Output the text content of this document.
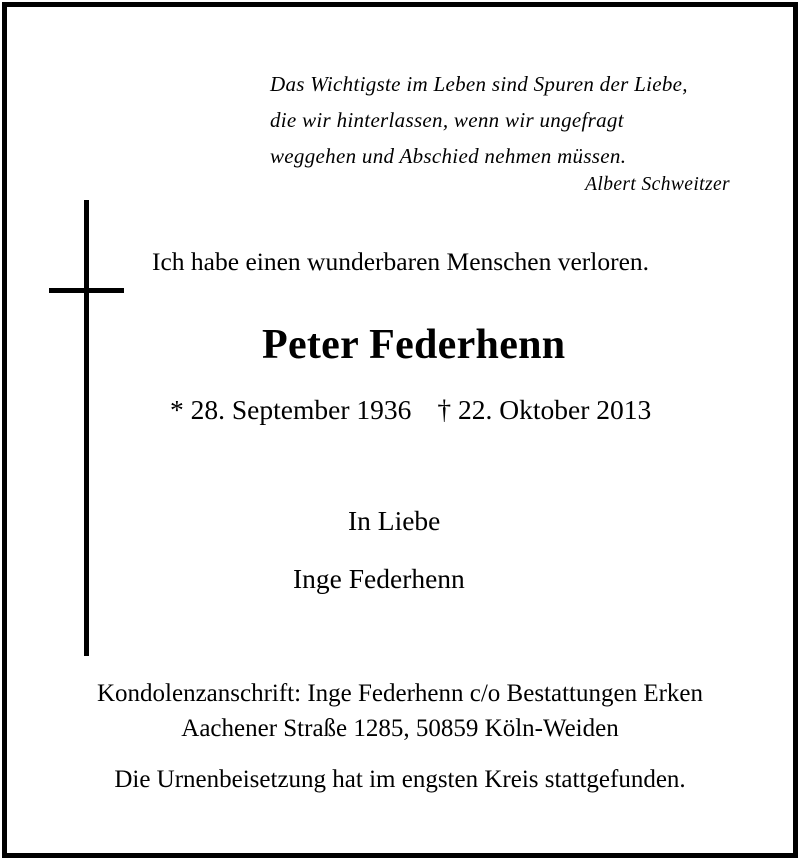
Das Wichtigste im Leben sind Spuren der Liebe,
die wir hinterlassen, wenn wir ungefragt
weggehen und Abschied nehmen müssen.
Albert Schweitzer
Ich habe einen wunderbaren Menschen verloren.
Peter Federhenn
* 28. September 1936 † 22. Oktober 2013
In Liebe
Inge Federhenn
Kondolenzanschrift: Inge Federhenn c/o Bestattungen Erken
Aachener Straße 1285, 50859 Köln-Weiden
Die Urnenbeisetzung hat im engsten Kreis stattgefunden.
